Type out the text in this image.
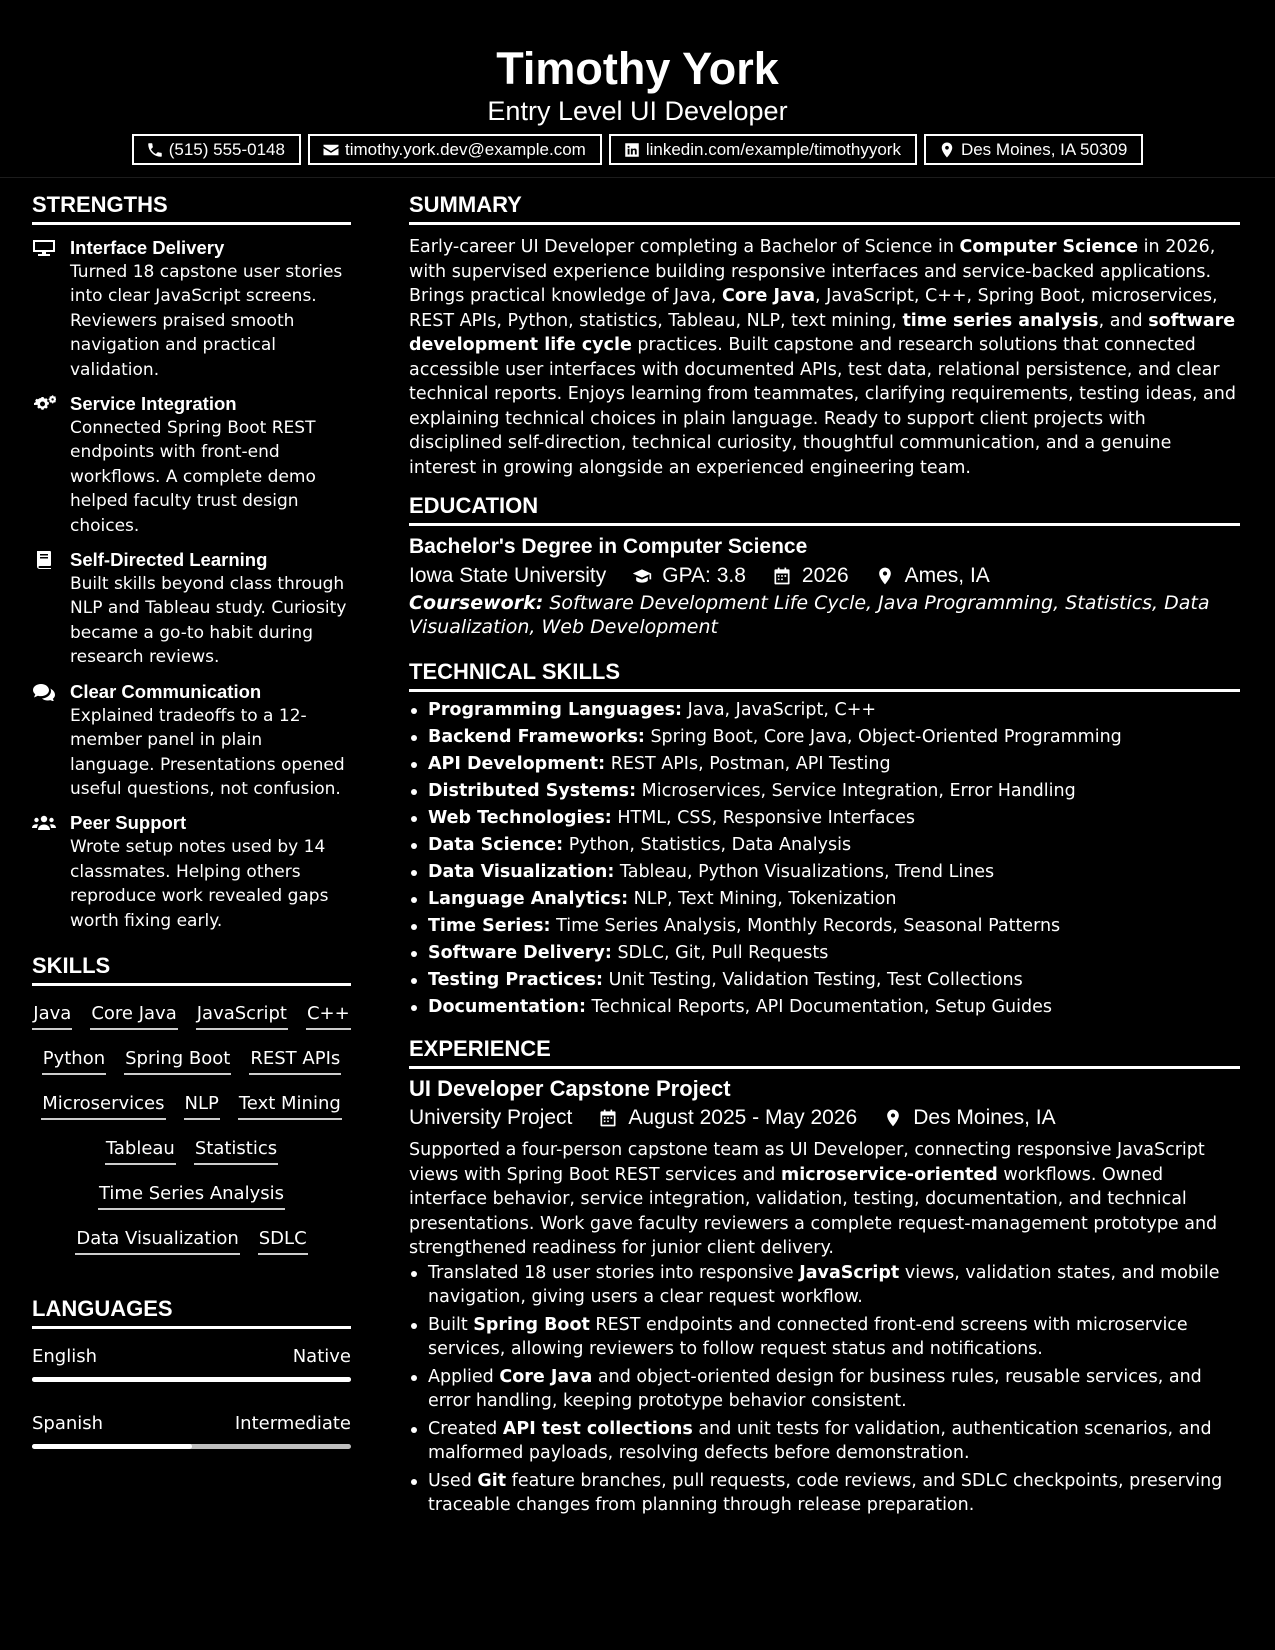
Timothy York
Entry Level UI Developer
(515) 555-0148	timothy.york.dev@example.com	linkedin.com/example/timothyyork	Des Moines, IA 50309
STRENGTHS
Interface Delivery

Turned 18 capstone user stories into clear JavaScript screens. Reviewers praised smooth navigation and practical validation.

Service Integration

Connected Spring Boot REST endpoints with front-end workflows. A complete demo helped faculty trust design choices.

Self-Directed Learning

Built skills beyond class through NLP and Tableau study. Curiosity became a go-to habit during research reviews.

Clear Communication

Explained tradeoffs to a 12-member panel in plain language. Presentations opened useful questions, not confusion.

Peer Support

Wrote setup notes used by 14 classmates. Helping others reproduce work revealed gaps worth fixing early.

SKILLS
Java Core Java JavaScript C++
Python Spring Boot REST APIs
Microservices NLP Text Mining
Tableau Statistics
Time Series Analysis
Data Visualization SDLC
LANGUAGES
English	Native
Spanish	Intermediate
SUMMARY

Early-career UI Developer completing a Bachelor of Science in Computer Science in 2026, with supervised experience building responsive interfaces and service-backed applications. Brings practical knowledge of Java, Core Java, JavaScript, C++, Spring Boot, microservices, REST APIs, Python, statistics, Tableau, NLP, text mining, time series analysis, and software development life cycle practices. Built capstone and research solutions that connected accessible user interfaces with documented APIs, test data, relational persistence, and clear technical reports. Enjoys learning from teammates, clarifying requirements, testing ideas, and explaining technical choices in plain language. Ready to support client projects with disciplined self-direction, technical curiosity, thoughtful communication, and a genuine interest in growing alongside an experienced engineering team.

EDUCATION
Bachelor's Degree in Computer Science
Iowa State University	GPA: 3.8	2026	Ames, IA

Coursework: Software Development Life Cycle, Java Programming, Statistics, Data Visualization, Web Development

TECHNICAL SKILLS
Programming Languages: Java, JavaScript, C++
Backend Frameworks: Spring Boot, Core Java, Object-Oriented Programming
API Development: REST APIs, Postman, API Testing
Distributed Systems: Microservices, Service Integration, Error Handling
Web Technologies: HTML, CSS, Responsive Interfaces
Data Science: Python, Statistics, Data Analysis
Data Visualization: Tableau, Python Visualizations, Trend Lines
Language Analytics: NLP, Text Mining, Tokenization
Time Series: Time Series Analysis, Monthly Records, Seasonal Patterns
Software Delivery: SDLC, Git, Pull Requests
Testing Practices: Unit Testing, Validation Testing, Test Collections
Documentation: Technical Reports, API Documentation, Setup Guides
EXPERIENCE
UI Developer Capstone Project
University Project	August 2025 - May 2026	Des Moines, IA

Supported a four-person capstone team as UI Developer, connecting responsive JavaScript views with Spring Boot REST services and microservice-oriented workflows. Owned interface behavior, service integration, validation, testing, documentation, and technical presentations. Work gave faculty reviewers a complete request-management prototype and strengthened readiness for junior client delivery.

Translated 18 user stories into responsive JavaScript views, validation states, and mobile navigation, giving users a clear request workflow.
Built Spring Boot REST endpoints and connected front-end screens with microservice services, allowing reviewers to follow request status and notifications.
Applied Core Java and object-oriented design for business rules, reusable services, and error handling, keeping prototype behavior consistent.
Created API test collections and unit tests for validation, authentication scenarios, and malformed payloads, resolving defects before demonstration.
Used Git feature branches, pull requests, code reviews, and SDLC checkpoints, preserving traceable changes from planning through release preparation.
